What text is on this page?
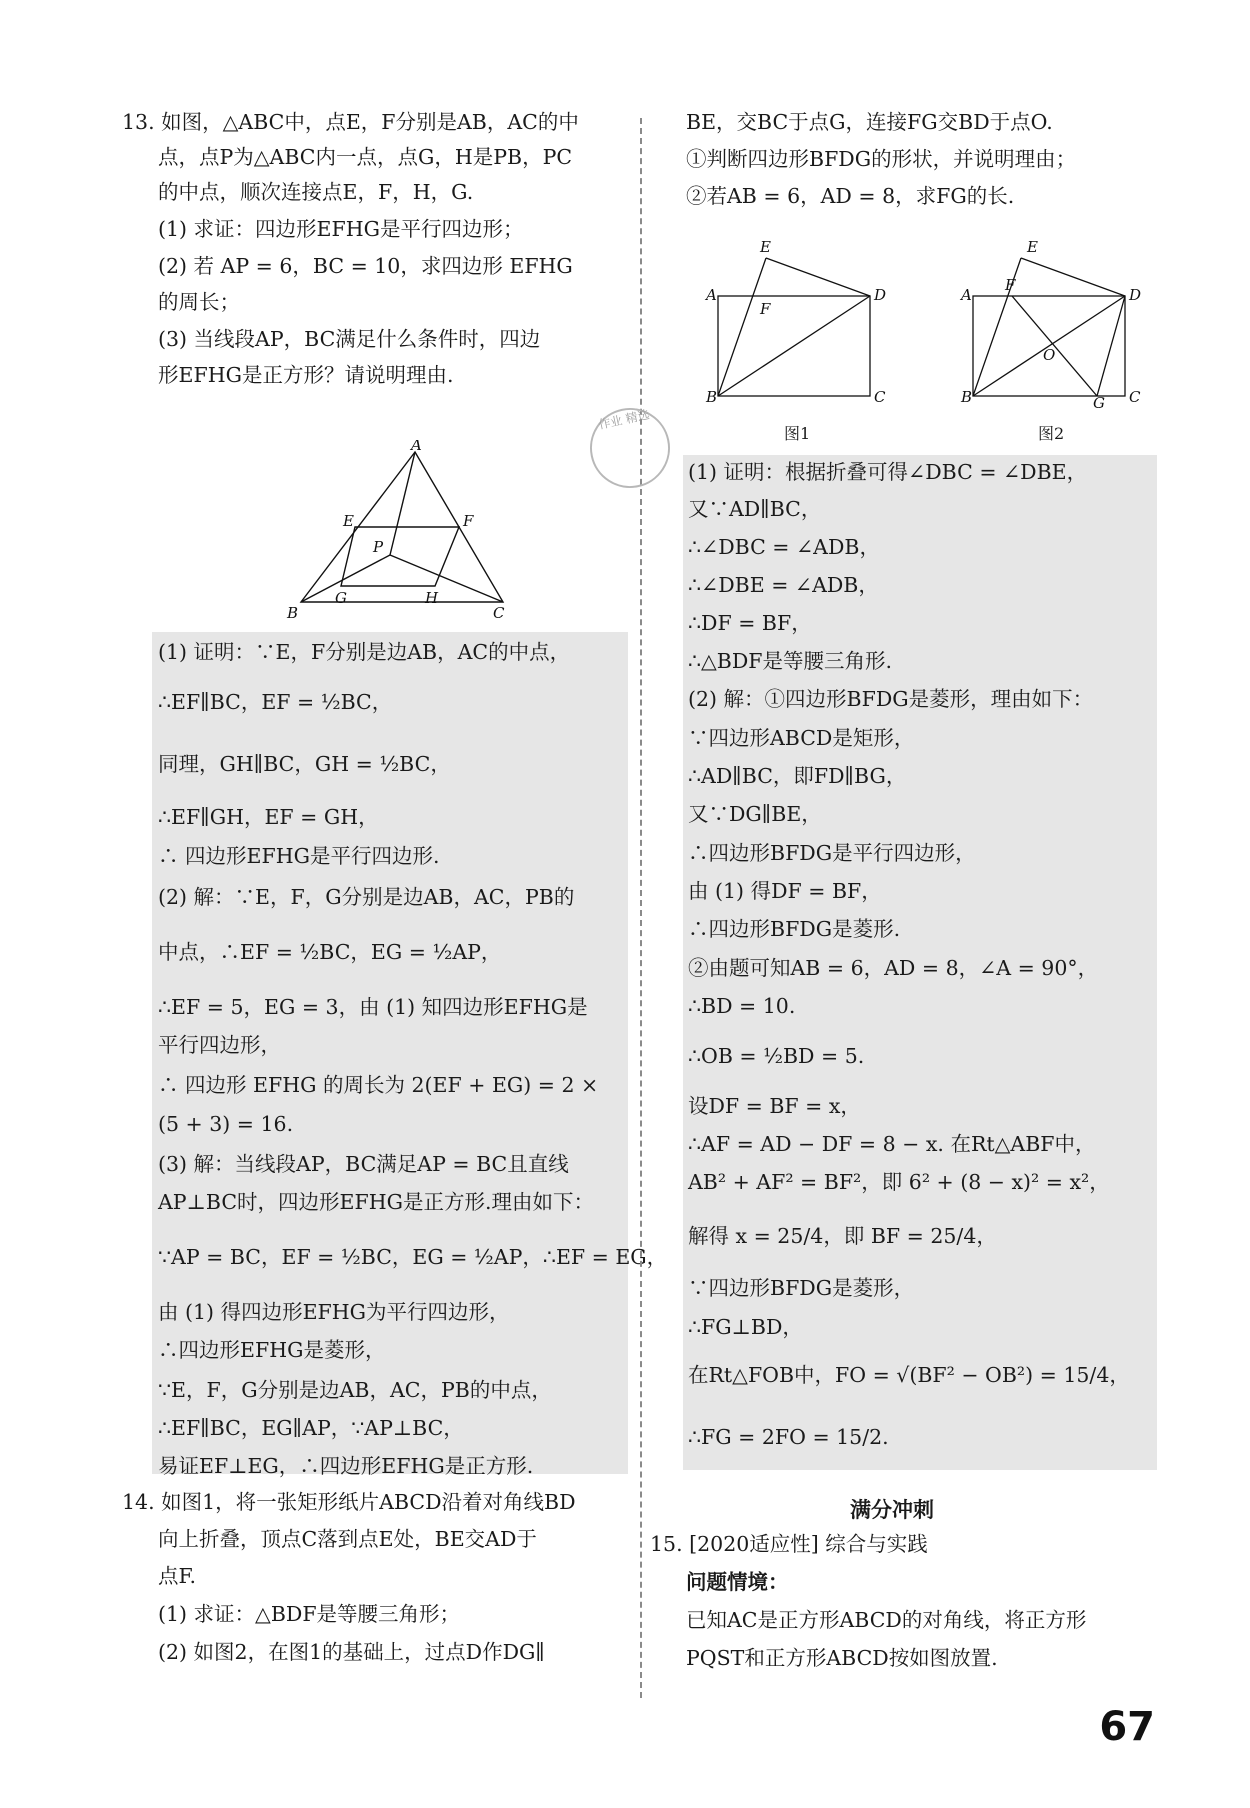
13. 如图，△ABC中，点E，F分别是AB，AC的中
点，点P为△ABC内一点，点G，H是PB，PC
的中点，顺次连接点E，F，H，G.
(1) 求证：四边形EFHG是平行四边形；
(2) 若 AP = 6，BC = 10，求四边形 EFHG
的周长；
(3) 当线段AP，BC满足什么条件时，四边
形EFHG是正方形？请说明理由.
A
B	C
E	F
P
G	H
(1) 证明：∵E，F分别是边AB，AC的中点，
∴EF∥BC，EF = ½BC，
同理，GH∥BC，GH = ½BC，
∴EF∥GH，EF = GH，
∴ 四边形EFHG是平行四边形.
(2) 解：∵E，F，G分别是边AB，AC，PB的
中点，∴EF = ½BC，EG = ½AP，
∴EF = 5，EG = 3，由 (1) 知四边形EFHG是
平行四边形，
∴ 四边形 EFHG 的周长为 2(EF + EG) = 2 ×
(5 + 3) = 16.
(3) 解：当线段AP，BC满足AP = BC且直线
AP⊥BC时，四边形EFHG是正方形.理由如下：
∵AP = BC，EF = ½BC，EG = ½AP，∴EF = EG，
由 (1) 得四边形EFHG为平行四边形，
∴四边形EFHG是菱形，
∵E，F，G分别是边AB，AC，PB的中点，
∴EF∥BC，EG∥AP，∵AP⊥BC，
易证EF⊥EG，∴四边形EFHG是正方形.
14. 如图1，将一张矩形纸片ABCD沿着对角线BD
向上折叠，顶点C落到点E处，BE交AD于
点F.
(1) 求证：△BDF是等腰三角形；
(2) 如图2，在图1的基础上，过点D作DG∥
作业 精选
BE，交BC于点G，连接FG交BD于点O.
①判断四边形BFDG的形状，并说明理由；
②若AB = 6，AD = 8，求FG的长.
A
E
F
D
B	C
图1
A
E
F
D
B
O
G C
图2
(1) 证明：根据折叠可得∠DBC = ∠DBE，
又∵AD∥BC，
∴∠DBC = ∠ADB，
∴∠DBE = ∠ADB，
∴DF = BF，
∴△BDF是等腰三角形.
(2) 解：①四边形BFDG是菱形，理由如下：
∵四边形ABCD是矩形，
∴AD∥BC，即FD∥BG，
又∵DG∥BE，
∴四边形BFDG是平行四边形，
由 (1) 得DF = BF，
∴四边形BFDG是菱形.
②由题可知AB = 6，AD = 8，∠A = 90°，
∴BD = 10.
∴OB = ½BD = 5.
设DF = BF = x，
∴AF = AD − DF = 8 − x. 在Rt△ABF中，
AB² + AF² = BF²，即 6² + (8 − x)² = x²，
解得 x = 25/4，即 BF = 25/4，
∵四边形BFDG是菱形，
∴FG⊥BD，
在Rt△FOB中，FO = √(BF² − OB²) = 15/4，
∴FG = 2FO = 15/2.
满分冲刺
15. [2020适应性] 综合与实践
问题情境：
已知AC是正方形ABCD的对角线，将正方形
PQST和正方形ABCD按如图放置.
67
